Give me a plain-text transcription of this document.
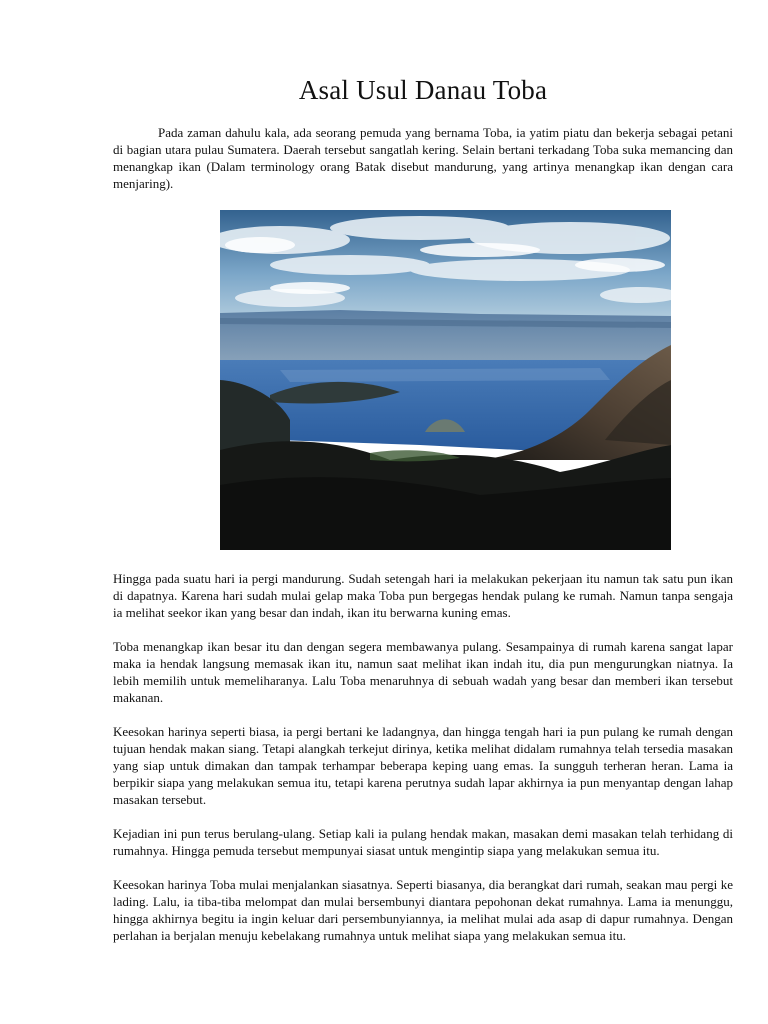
Asal Usul Danau Toba

Pada zaman dahulu kala, ada seorang pemuda yang bernama Toba, ia yatim piatu dan bekerja sebagai petani di bagian utara pulau Sumatera. Daerah tersebut sangatlah kering. Selain bertani terkadang Toba suka memancing dan menangkap ikan (Dalam terminology orang Batak disebut mandurung, yang artinya menangkap ikan dengan cara menjaring).

Hingga pada suatu hari ia pergi mandurung. Sudah setengah hari ia melakukan pekerjaan itu namun tak satu pun ikan di dapatnya. Karena hari sudah mulai gelap maka Toba pun bergegas hendak pulang ke rumah. Namun tanpa sengaja ia melihat seekor ikan yang besar dan indah, ikan itu berwarna kuning emas.

Toba menangkap ikan besar itu dan dengan segera membawanya pulang. Sesampainya di rumah karena sangat lapar maka ia hendak langsung memasak ikan itu, namun saat melihat ikan indah itu, dia pun mengurungkan niatnya. Ia lebih memilih untuk memeliharanya. Lalu Toba menaruhnya di sebuah wadah yang besar dan memberi ikan tersebut makanan.

Keesokan harinya seperti biasa, ia pergi bertani ke ladangnya, dan hingga tengah hari ia pun pulang ke rumah dengan tujuan hendak makan siang. Tetapi alangkah terkejut dirinya, ketika melihat didalam rumahnya telah tersedia masakan yang siap untuk dimakan dan tampak terhampar beberapa keping uang emas. Ia sungguh terheran heran. Lama ia berpikir siapa yang melakukan semua itu, tetapi karena perutnya sudah lapar akhirnya ia pun menyantap dengan lahap masakan tersebut.

Kejadian ini pun terus berulang-ulang. Setiap kali ia pulang hendak makan, masakan demi masakan telah terhidang di rumahnya. Hingga pemuda tersebut mempunyai siasat untuk mengintip siapa yang melakukan semua itu.

Keesokan harinya Toba mulai menjalankan siasatnya. Seperti biasanya, dia berangkat dari rumah, seakan mau pergi ke lading. Lalu, ia tiba-tiba melompat dan mulai bersembunyi diantara pepohonan dekat rumahnya. Lama ia menunggu, hingga akhirnya begitu ia ingin keluar dari persembunyiannya, ia melihat mulai ada asap di dapur rumahnya. Dengan perlahan ia berjalan menuju kebelakang rumahnya untuk melihat siapa yang melakukan semua itu.
